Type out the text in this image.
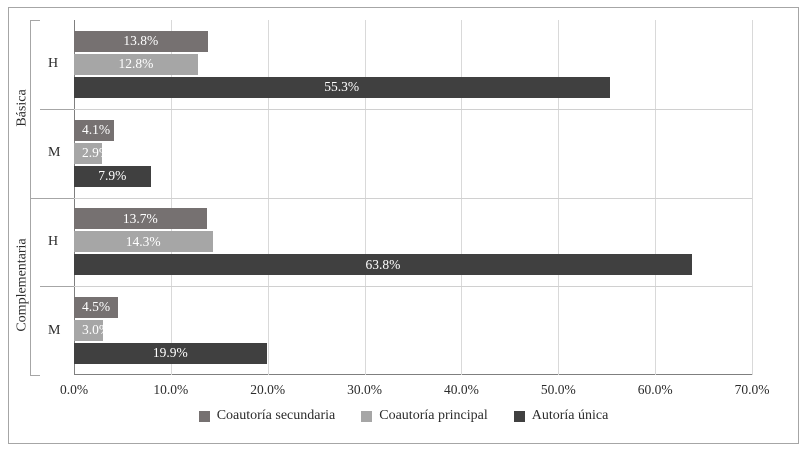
13.8%
12.8%
55.3%
4.1%
2.9%
7.9%
13.7%
14.3%
63.8%
4.5%
3.0%
19.9%
0.0%	10.0%	20.0%	30.0%	40.0%	50.0%	60.0%	70.0%
H
M
H
M
Básica
Complementaria
Coautoría secundaria	Coautoría principal	Autoría única
